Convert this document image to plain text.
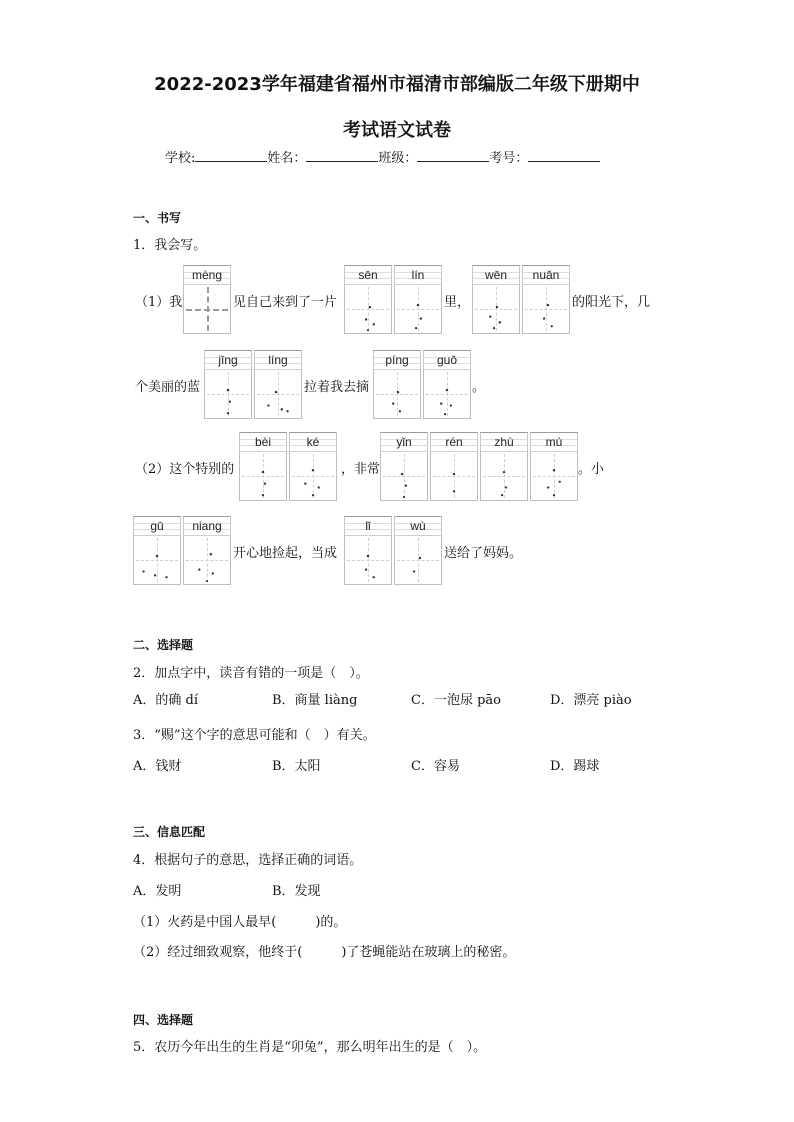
2022-2023学年福建省福州市福清市部编版二年级下册期中
考试语文试卷
学校:	姓名：	班级：	考号：
一、书写
1．我会写。
（1）我
mèng
见自己来到了一片
sēn	lín
里，
wēn	nuǎn
的阳光下，几
个美丽的蓝
jīng	líng
拉着我去摘
píng	guǒ
。
（2）这个特别的
bèi	ké
，非常
yǐn	rén	zhù	mù
。小
gū	niang
开心地捡起，当成
lǐ	wù
送给了妈妈。
二、选择题
2．加点字中，读音有错的一项是（　）。
A．的确 dí	B．商量 liàng	C．一泡尿 pāo	D．漂亮 piào
3．“赐”这个字的意思可能和（　）有关。
A．钱财	B．太阳	C．容易	D．踢球
三、信息匹配
4．根据句子的意思，选择正确的词语。
A．发明	B．发现
（1）火药是中国人最早(　　　)的。
（2）经过细致观察，他终于(　　　)了苍蝇能站在玻璃上的秘密。
四、选择题
5．农历今年出生的生肖是“卯兔”，那么明年出生的是（　）。
